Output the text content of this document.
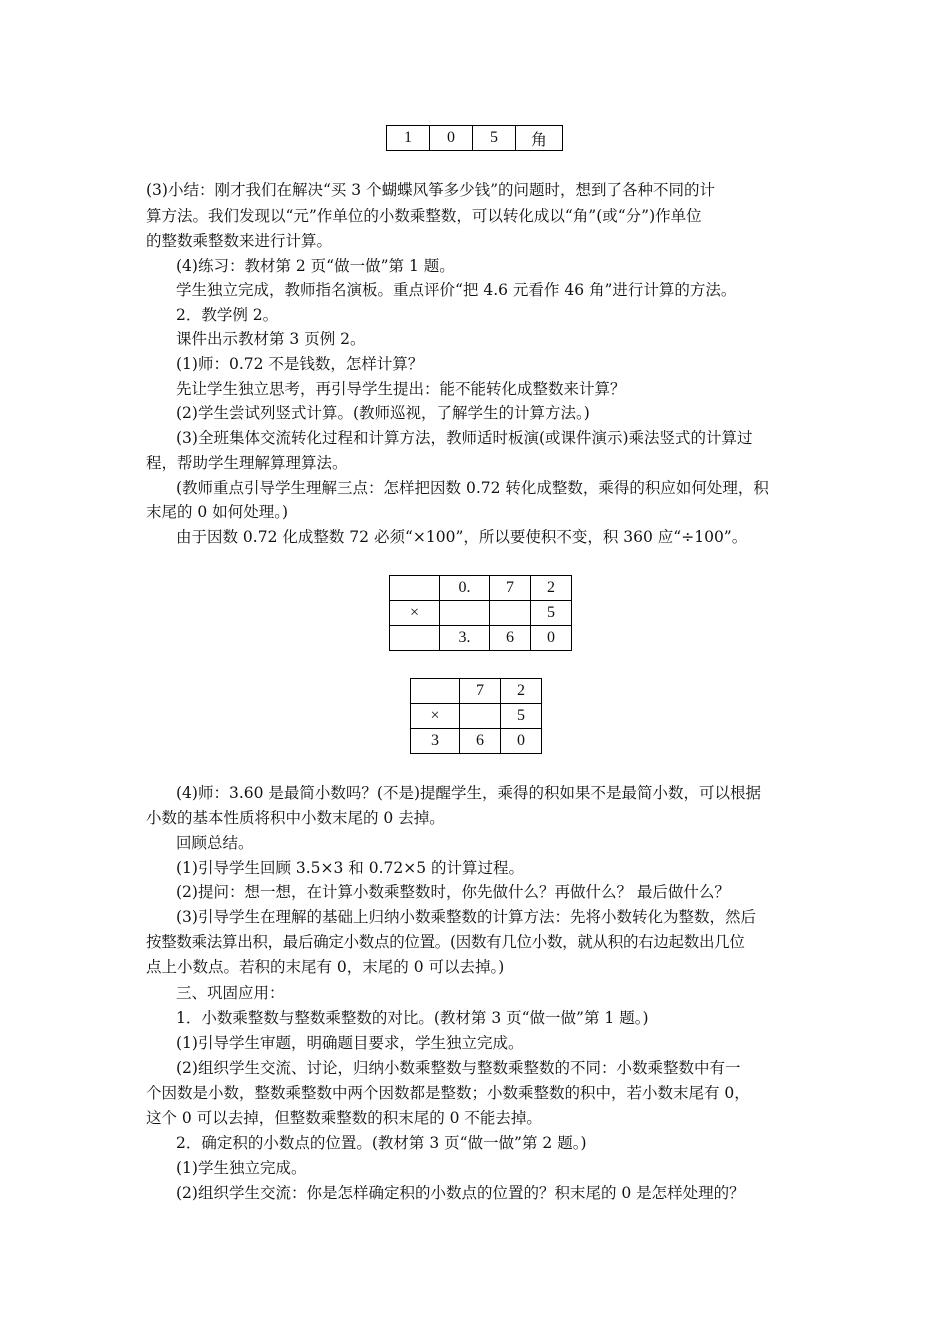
1	0	5	角
(3)小结：刚才我们在解决“买 3 个蝴蝶风筝多少钱”的问题时，想到了各种不同的计
算方法。我们发现以“元”作单位的小数乘整数，可以转化成以“角”(或“分”)作单位
的整数乘整数来进行计算。
(4)练习：教材第 2 页“做一做”第 1 题。
学生独立完成，教师指名演板。重点评价“把 4.6 元看作 46 角”进行计算的方法。
2．教学例 2。
课件出示教材第 3 页例 2。
(1)师：0.72 不是钱数，怎样计算？
先让学生独立思考，再引导学生提出：能不能转化成整数来计算？
(2)学生尝试列竖式计算。(教师巡视，了解学生的计算方法。)
(3)全班集体交流转化过程和计算方法，教师适时板演(或课件演示)乘法竖式的计算过
程，帮助学生理解算理算法。
(教师重点引导学生理解三点：怎样把因数 0.72 转化成整数，乘得的积应如何处理，积
末尾的 0 如何处理。)
由于因数 0.72 化成整数 72 必须“×100”，所以要使积不变，积 360 应“÷100”。
	0.	7	2
×			5
	3.	6	0
	7	2
×		5
3	6	0
(4)师：3.60 是最简小数吗？(不是)提醒学生，乘得的积如果不是最简小数，可以根据
小数的基本性质将积中小数末尾的 0 去掉。
回顾总结。
(1)引导学生回顾 3.5×3 和 0.72×5 的计算过程。
(2)提问：想一想，在计算小数乘整数时，你先做什么？再做什么？ 最后做什么？
(3)引导学生在理解的基础上归纳小数乘整数的计算方法：先将小数转化为整数，然后
按整数乘法算出积，最后确定小数点的位置。(因数有几位小数，就从积的右边起数出几位
点上小数点。若积的末尾有 0，末尾的 0 可以去掉。)
三、巩固应用：
1．小数乘整数与整数乘整数的对比。(教材第 3 页“做一做”第 1 题。)
(1)引导学生审题，明确题目要求，学生独立完成。
(2)组织学生交流、讨论，归纳小数乘整数与整数乘整数的不同：小数乘整数中有一
个因数是小数，整数乘整数中两个因数都是整数；小数乘整数的积中，若小数末尾有 0，
这个 0 可以去掉，但整数乘整数的积末尾的 0 不能去掉。
2．确定积的小数点的位置。(教材第 3 页“做一做”第 2 题。)
(1)学生独立完成。
(2)组织学生交流：你是怎样确定积的小数点的位置的？积末尾的 0 是怎样处理的？
